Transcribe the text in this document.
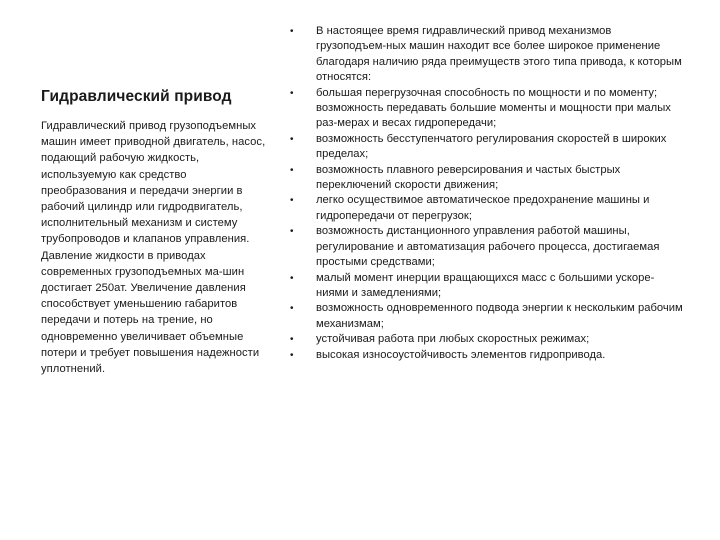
Гидравлический привод

Гидравлический привод грузоподъемных машин имеет приводной двигатель, насос, подающий рабочую жидкость, используемую как средство преобразования и передачи энергии в рабочий цилиндр или гидродвигатель, исполнительный механизм и систему трубопроводов и клапанов управления.

Давление жидкости в приводах современных грузоподъемных ма-шин достигает 250ат. Увеличение давления способствует уменьшению габаритов передачи и потерь на трение, но одновременно увеличивает объемные потери и требует повышения надежности уплотнений.

• В настоящее время гидравлический привод механизмов грузоподъем-ных машин находит все более широкое применение благодаря наличию ряда преимуществ этого типа привода, к которым относятся:
• большая перегрузочная способность по мощности и по моменту; возможность передавать большие моменты и мощности при малых раз-мерах и весах гидропередачи;
• возможность бесступенчатого регулирования скоростей в широких пределах;
• возможность плавного реверсирования и частых быстрых переключений скорости движения;
• легко осуществимое автоматическое предохранение машины и гидропередачи от перегрузок;
• возможность дистанционного управления работой машины, регулирование и автоматизация рабочего процесса, достигаемая простыми средствами;
• малый момент инерции вращающихся масс с большими ускоре-ниями и замедлениями;
• возможность одновременного подвода энергии к нескольким рабочим механизмам;
• устойчивая работа при любых скоростных режимах;
• высокая износоустойчивость элементов гидропривода.
